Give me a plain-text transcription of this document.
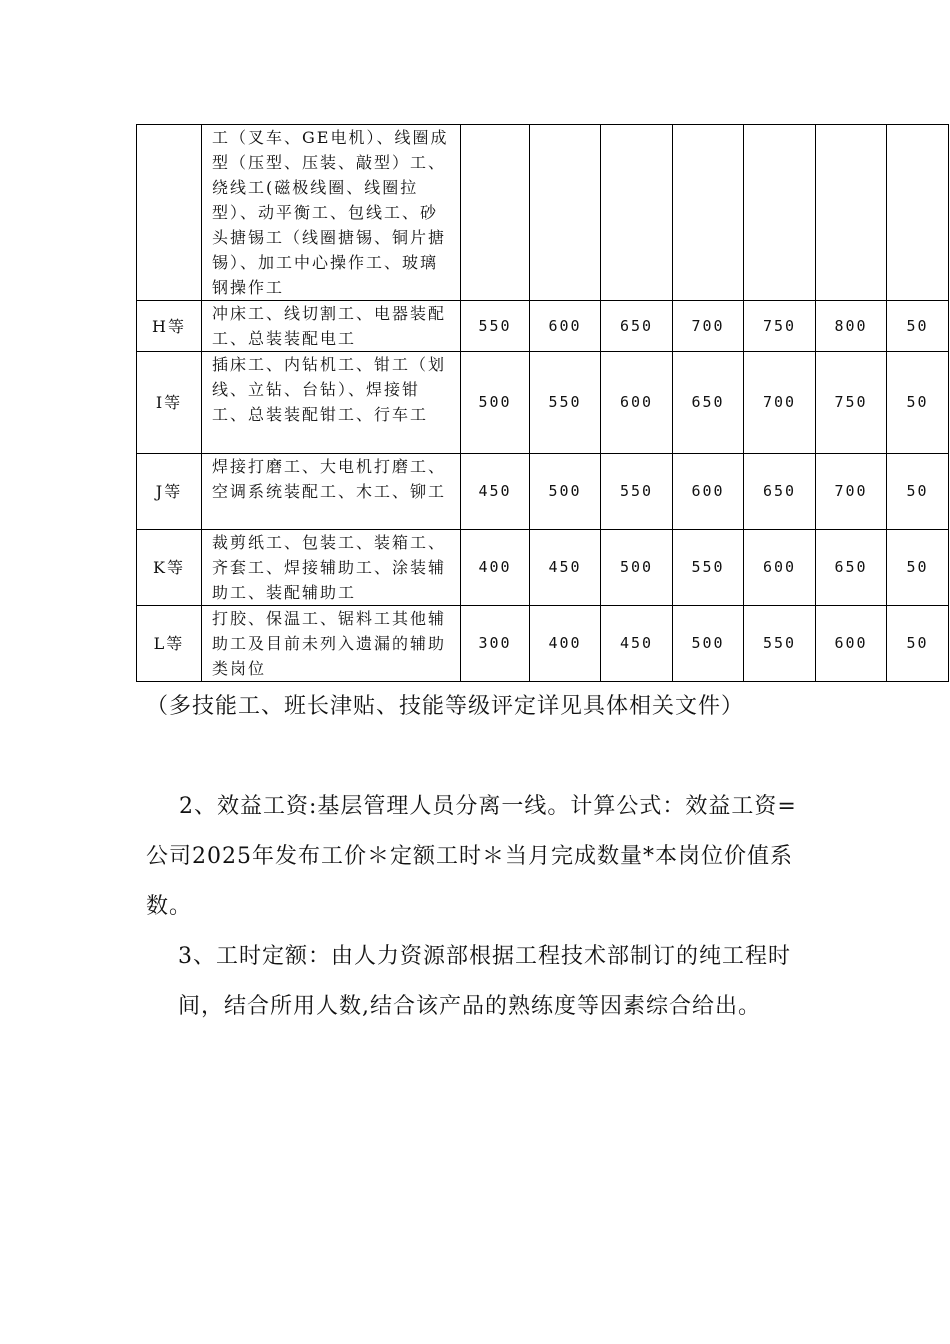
	工（叉车、GE电机）、线圈成型（压型、压装、敲型）工、绕线工(磁极线圈、线圈拉型）、动平衡工、包线工、砂头搪锡工（线圈搪锡、铜片搪锡）、加工中心操作工、玻璃钢操作工							
H等	冲床工、线切割工、电器装配工、总装装配电工	550	600	650	700	750	800	50
I等	插床工、内钻机工、钳工（划线、立钻、台钻）、焊接钳工、总装装配钳工、行车工	500	550	600	650	700	750	50
J等	焊接打磨工、大电机打磨工、空调系统装配工、木工、铆工	450	500	550	600	650	700	50
K等	裁剪纸工、包装工、装箱工、齐套工、焊接辅助工、涂装辅助工、装配辅助工	400	450	500	550	600	650	50
L等	打胶、保温工、锯料工其他辅助工及目前未列入遗漏的辅助类岗位	300	400	450	500	550	600	50

（多技能工、班长津贴、技能等级评定详见具体相关文件）

2、效益工资:基层管理人员分离一线。计算公式：效益工资=公司2025年发布工价＊定额工时＊当月完成数量*本岗位价值系数。

3、工时定额：由人力资源部根据工程技术部制订的纯工程时间，结合所用人数,结合该产品的熟练度等因素综合给出。
